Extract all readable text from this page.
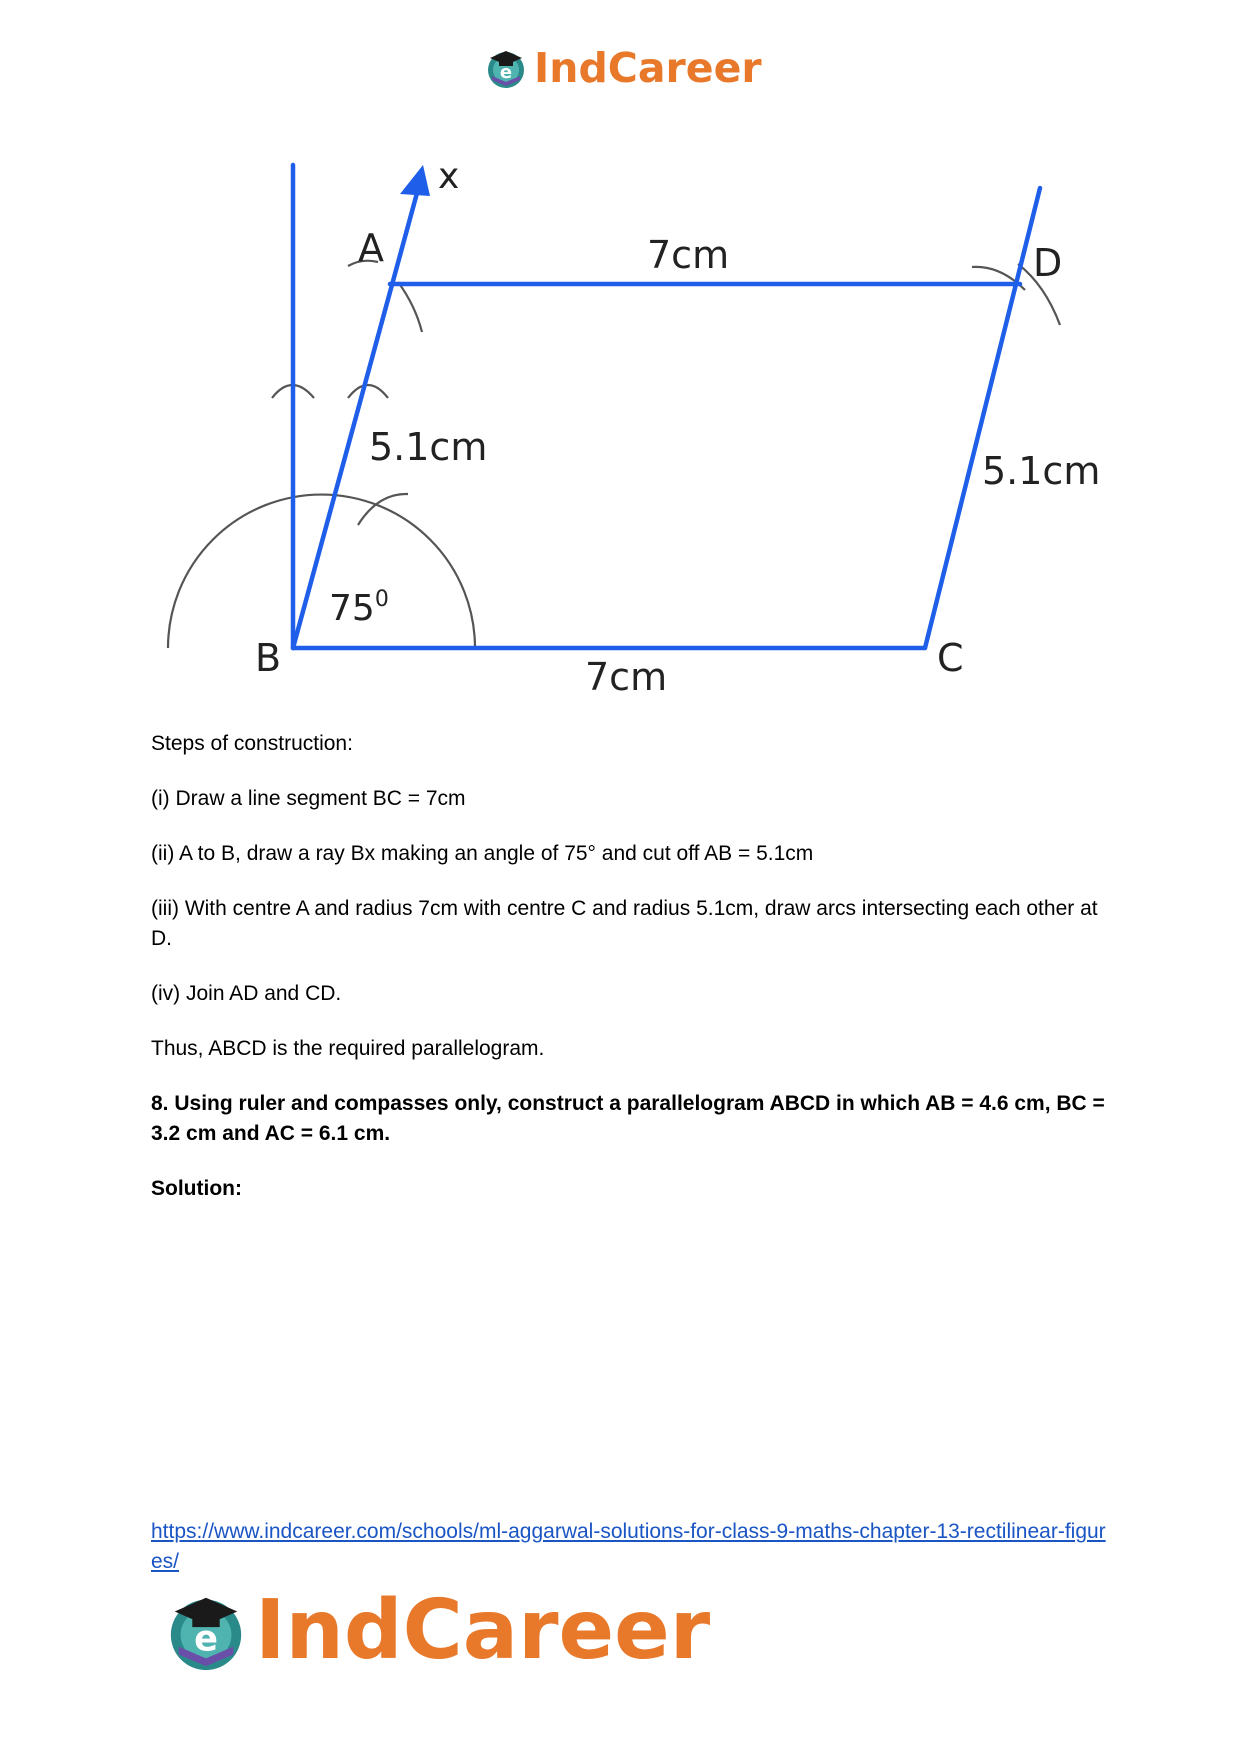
e IndCareer
x
A	D
B	C
7cm
7cm
5.1cm
5.1cm
$75^0$

Steps of construction:

(i) Draw a line segment BC = 7cm

(ii) A to B, draw a ray Bx making an angle of 75° and cut off AB = 5.1cm

(iii) With centre A and radius 7cm with centre C and radius 5.1cm, draw arcs intersecting each other at D.

(iv) Join AD and CD.

Thus, ABCD is the required parallelogram.

8. Using ruler and compasses only, construct a parallelogram ABCD in which AB = 4.6 cm, BC = 3.2 cm and AC = 6.1 cm.

Solution:

https://www.indcareer.com/schools/ml-aggarwal-solutions-for-class-9-maths-chapter-13-rectilinear-figures/
e IndCareer
